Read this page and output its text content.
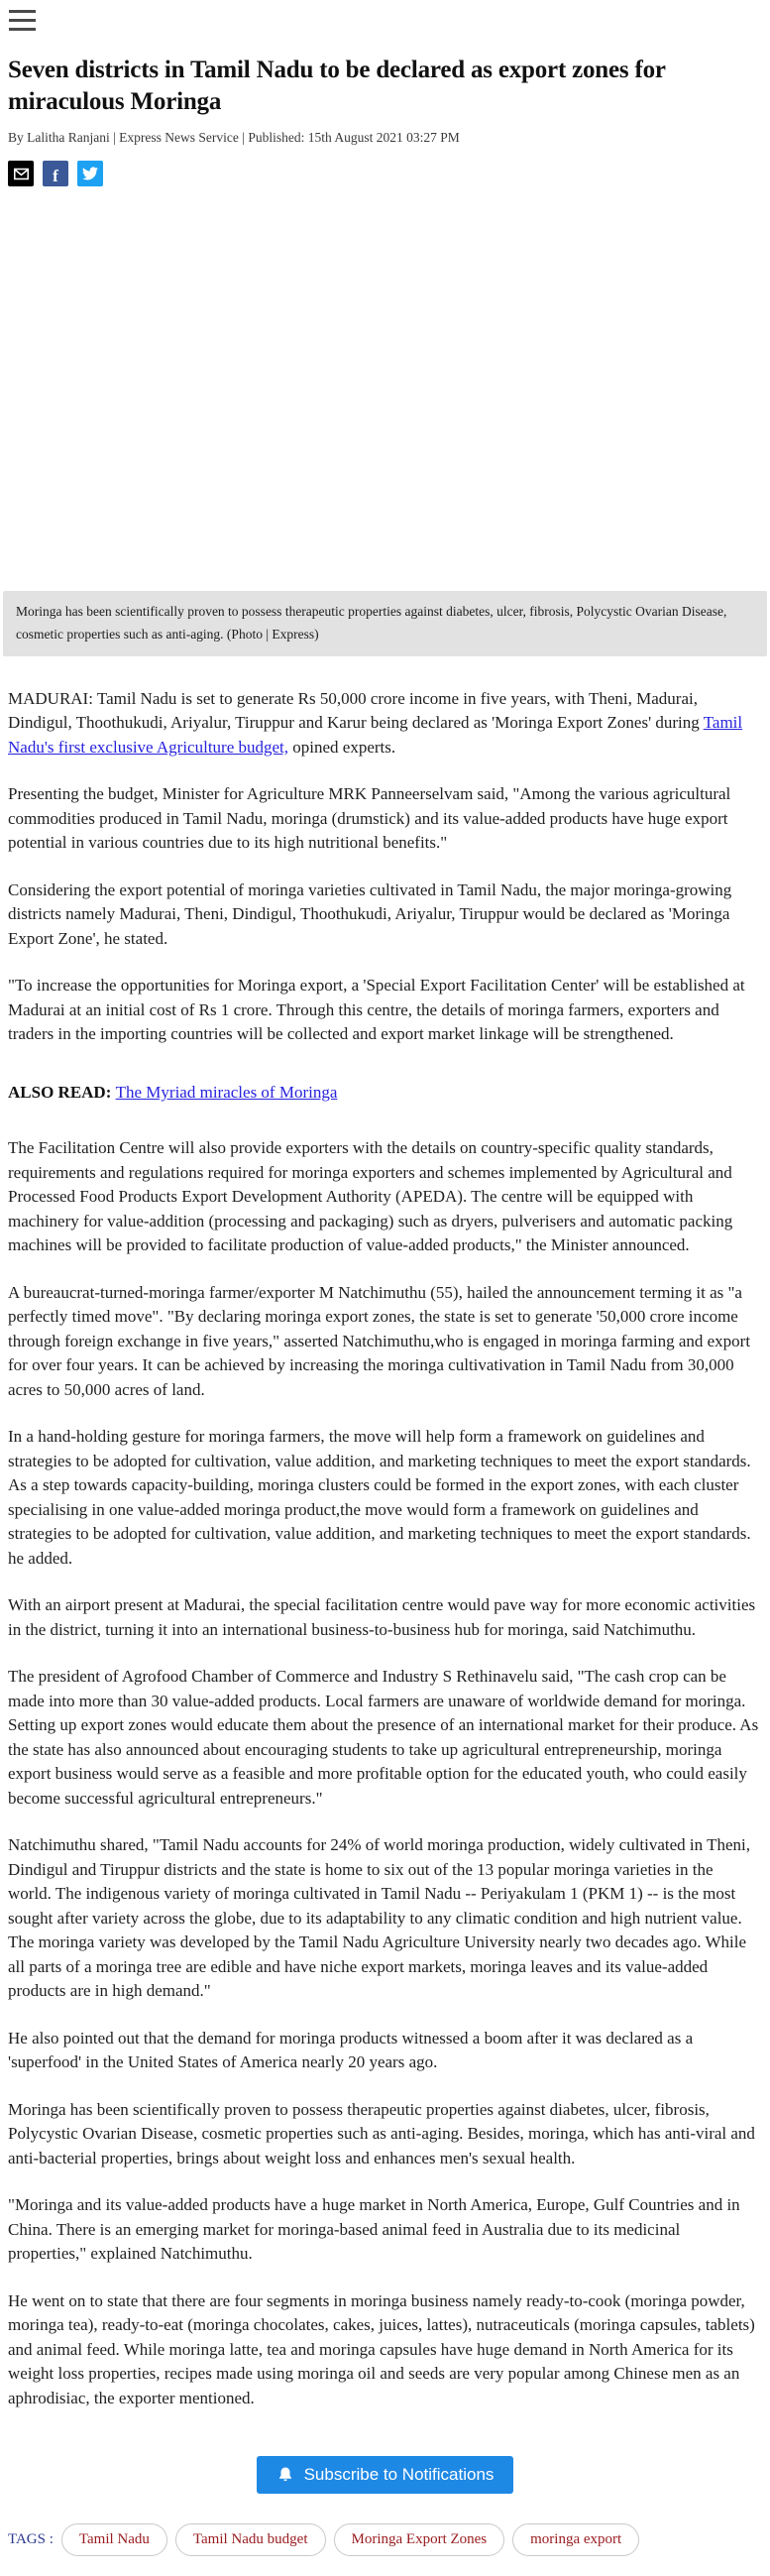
Seven districts in Tamil Nadu to be declared as export zones for miraculous Moringa
By Lalitha Ranjani | Express News Service | Published: 15th August 2021 03:27 PM
f
Moringa has been scientifically proven to possess therapeutic properties against diabetes, ulcer, fibrosis, Polycystic Ovarian Disease, cosmetic properties such as anti-aging. (Photo | Express)

MADURAI: Tamil Nadu is set to generate Rs 50,000 crore income in five years, with Theni, Madurai, Dindigul, Thoothukudi, Ariyalur, Tiruppur and Karur being declared as 'Moringa Export Zones' during Tamil Nadu's first exclusive Agriculture budget, opined experts.

Presenting the budget, Minister for Agriculture MRK Panneerselvam said, "Among the various agricultural commodities produced in Tamil Nadu, moringa (drumstick) and its value-added products have huge export potential in various countries due to its high nutritional benefits."

Considering the export potential of moringa varieties cultivated in Tamil Nadu, the major moringa-growing districts namely Madurai, Theni, Dindigul, Thoothukudi, Ariyalur, Tiruppur would be declared as 'Moringa Export Zone', he stated.

"To increase the opportunities for Moringa export, a 'Special Export Facilitation Center' will be established at Madurai at an initial cost of Rs 1 crore. Through this centre, the details of moringa farmers, exporters and traders in the importing countries will be collected and export market linkage will be strengthened.

ALSO READ: The Myriad miracles of Moringa

The Facilitation Centre will also provide exporters with the details on country-specific quality standards, requirements and regulations required for moringa exporters and schemes implemented by Agricultural and Processed Food Products Export Development Authority (APEDA). The centre will be equipped with machinery for value-addition (processing and packaging) such as dryers, pulverisers and automatic packing machines will be provided to facilitate production of value-added products," the Minister announced.

A bureaucrat-turned-moringa farmer/exporter M Natchimuthu (55), hailed the announcement terming it as "a perfectly timed move". "By declaring moringa export zones, the state is set to generate '50,000 crore income through foreign exchange in five years," asserted Natchimuthu,who is engaged in moringa farming and export for over four years. It can be achieved by increasing the moringa cultivativation in Tamil Nadu from 30,000 acres to 50,000 acres of land.

In a hand-holding gesture for moringa farmers, the move will help form a framework on guidelines and strategies to be adopted for cultivation, value addition, and marketing techniques to meet the export standards. As a step towards capacity-building, moringa clusters could be formed in the export zones, with each cluster specialising in one value-added moringa product,the move would form a framework on guidelines and strategies to be adopted for cultivation, value addition, and marketing techniques to meet the export standards. he added.

With an airport present at Madurai, the special facilitation centre would pave way for more economic activities in the district, turning it into an international business-to-business hub for moringa, said Natchimuthu.

The president of Agrofood Chamber of Commerce and Industry S Rethinavelu said, "The cash crop can be made into more than 30 value-added products. Local farmers are unaware of worldwide demand for moringa. Setting up export zones would educate them about the presence of an international market for their produce. As the state has also announced about encouraging students to take up agricultural entrepreneurship, moringa export business would serve as a feasible and more profitable option for the educated youth, who could easily become successful agricultural entrepreneurs."

Natchimuthu shared, "Tamil Nadu accounts for 24% of world moringa production, widely cultivated in Theni, Dindigul and Tiruppur districts and the state is home to six out of the 13 popular moringa varieties in the world. The indigenous variety of moringa cultivated in Tamil Nadu -- Periyakulam 1 (PKM 1) -- is the most sought after variety across the globe, due to its adaptability to any climatic condition and high nutrient value. The moringa variety was developed by the Tamil Nadu Agriculture University nearly two decades ago. While all parts of a moringa tree are edible and have niche export markets, moringa leaves and its value-added products are in high demand."

He also pointed out that the demand for moringa products witnessed a boom after it was declared as a 'superfood' in the United States of America nearly 20 years ago.

Moringa has been scientifically proven to possess therapeutic properties against diabetes, ulcer, fibrosis, Polycystic Ovarian Disease, cosmetic properties such as anti-aging. Besides, moringa, which has anti-viral and anti-bacterial properties, brings about weight loss and enhances men's sexual health.

"Moringa and its value-added products have a huge market in North America, Europe, Gulf Countries and in China. There is an emerging market for moringa-based animal feed in Australia due to its medicinal properties," explained Natchimuthu.

He went on to state that there are four segments in moringa business namely ready-to-cook (moringa powder, moringa tea), ready-to-eat (moringa chocolates, cakes, juices, lattes), nutraceuticals (moringa capsules, tablets) and animal feed. While moringa latte, tea and moringa capsules have huge demand in North America for its weight loss properties, recipes made using moringa oil and seeds are very popular among Chinese men as an aphrodisiac, the exporter mentioned.

Subscribe to Notifications
TAGS :	Tamil Nadu	Tamil Nadu budget	Moringa Export Zones	moringa export
